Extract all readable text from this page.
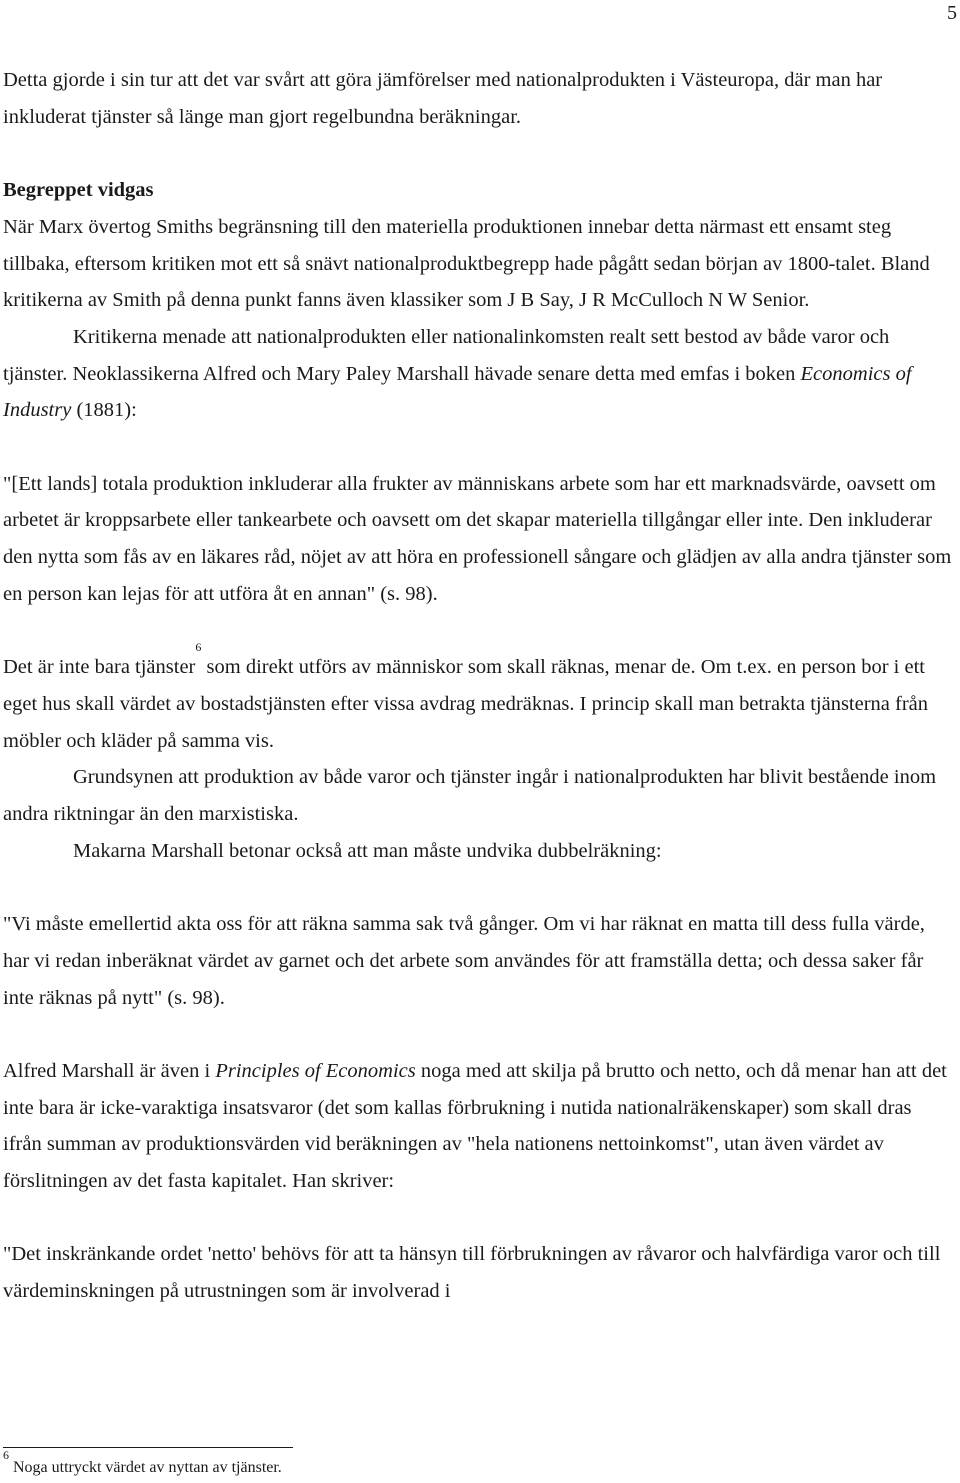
5

Detta gjorde i sin tur att det var svårt att göra jämförelser med nationalprodukten i Västeuropa, där man har inkluderat tjänster så länge man gjort regelbundna beräkningar.

Begreppet vidgas

När Marx övertog Smiths begränsning till den materiella produktionen innebar detta närmast ett ensamt steg tillbaka, eftersom kritiken mot ett så snävt nationalproduktbegrepp hade pågått sedan början av 1800-talet. Bland kritikerna av Smith på denna punkt fanns även klassiker som J B Say, J R McCulloch N W Senior.

Kritikerna menade att nationalprodukten eller nationalinkomsten realt sett bestod av både varor och tjänster. Neoklassikerna Alfred och Mary Paley Marshall hävade senare detta med emfas i boken Economics of Industry (1881):

"[Ett lands] totala produktion inkluderar alla frukter av människans arbete som har ett marknadsvärde, oavsett om arbetet är kroppsarbete eller tankearbete och oavsett om det skapar materiella tillgångar eller inte. Den inkluderar den nytta som fås av en läkares råd, nöjet av att höra en professionell sångare och glädjen av alla andra tjänster som en person kan lejas för att utföra åt en annan" (s. 98).

Det är inte bara tjänster$^6$ som direkt utförs av människor som skall räknas, menar de. Om t.ex. en person bor i ett eget hus skall värdet av bostadstjänsten efter vissa avdrag medräknas. I princip skall man betrakta tjänsterna från möbler och kläder på samma vis.

Grundsynen att produktion av både varor och tjänster ingår i nationalprodukten har blivit bestående inom andra riktningar än den marxistiska.

Makarna Marshall betonar också att man måste undvika dubbelräkning:

"Vi måste emellertid akta oss för att räkna samma sak två gånger. Om vi har räknat en matta till dess fulla värde, har vi redan inberäknat värdet av garnet och det arbete som användes för att framställa detta; och dessa saker får inte räknas på nytt" (s. 98).

Alfred Marshall är även i Principles of Economics noga med att skilja på brutto och netto, och då menar han att det inte bara är icke-varaktiga insatsvaror (det som kallas förbrukning i nutida nationalräkenskaper) som skall dras ifrån summan av produktionsvärden vid beräkningen av "hela nationens nettoinkomst", utan även värdet av förslitningen av det fasta kapitalet. Han skriver:

"Det inskränkande ordet 'netto' behövs för att ta hänsyn till förbrukningen av råvaror och halvfärdiga varor och till värdeminskningen på utrustningen som är involverad i

$^6$ Noga uttryckt värdet av nyttan av tjänster.
